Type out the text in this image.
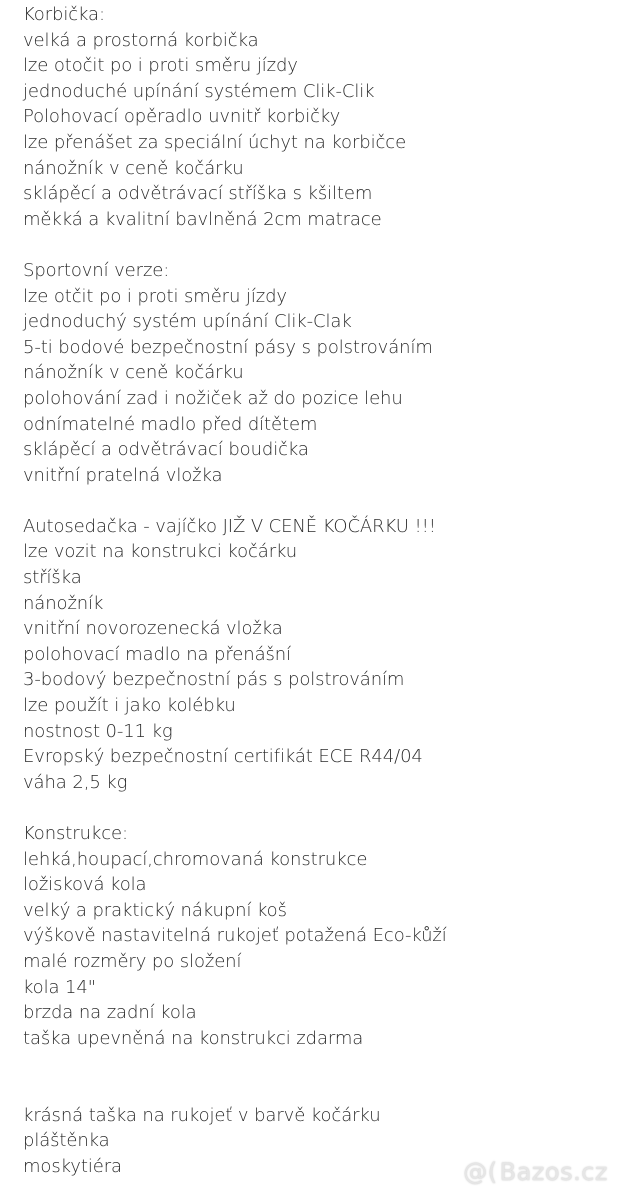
Korbička:
velká a prostorná korbička
lze otočit po i proti směru jízdy
jednoduché upínání systémem Clik-Clik
Polohovací opěradlo uvnitř korbičky
lze přenášet za speciální úchyt na korbičce
nánožník v ceně kočárku
sklápěcí a odvětrávací stříška s kšiltem
měkká a kvalitní bavlněná 2cm matrace
Sportovní verze:
lze otčit po i proti směru jízdy
jednoduchý systém upínání Clik-Clak
5-ti bodové bezpečnostní pásy s polstrováním
nánožník v ceně kočárku
polohování zad i nožiček až do pozice lehu
odnímatelné madlo před dítětem
sklápěcí a odvětrávací boudička
vnitřní pratelná vložka
Autosedačka - vajíčko JIŽ V CENĚ KOČÁRKU !!!
lze vozit na konstrukci kočárku
stříška
nánožník
vnitřní novorozenecká vložka
polohovací madlo na přenášní
3-bodový bezpečnostní pás s polstrováním
lze použít i jako kolébku
nostnost 0-11 kg
Evropský bezpečnostní certifikát ECE R44/04
váha 2,5 kg
Konstrukce:
lehká,houpací,chromovaná konstrukce
ložisková kola
velký a praktický nákupní koš
výškově nastavitelná rukojeť potažená Eco-kůží
malé rozměry po složení
kola 14"
brzda na zadní kola
taška upevněná na konstrukci zdarma
krásná taška na rukojeť v barvě kočárku
pláštěnka
moskytiéra	@( Bazos.cz
